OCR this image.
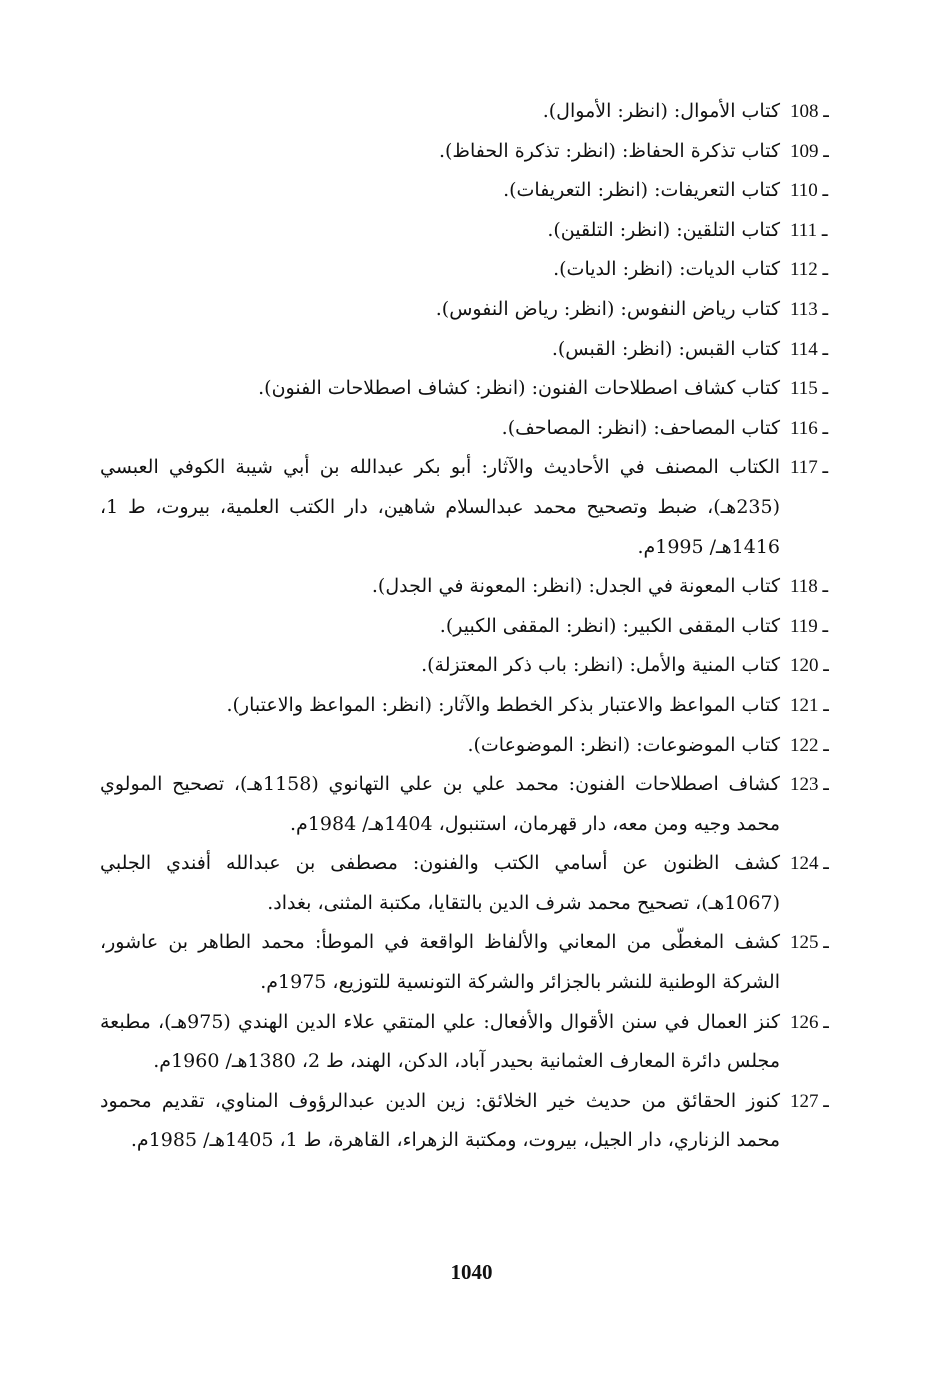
108 ـ
كتاب الأموال: (انظر: الأموال).
109 ـ
كتاب تذكرة الحفاظ: (انظر: تذكرة الحفاظ).
110 ـ
كتاب التعريفات: (انظر: التعريفات).
111 ـ
كتاب التلقين: (انظر: التلقين).
112 ـ
كتاب الديات: (انظر: الديات).
113 ـ
كتاب رياض النفوس: (انظر: رياض النفوس).
114 ـ
كتاب القبس: (انظر: القبس).
115 ـ
كتاب كشاف اصطلاحات الفنون: (انظر: كشاف اصطلاحات الفنون).
116 ـ
كتاب المصاحف: (انظر: المصاحف).
117 ـ
الكتاب المصنف في الأحاديث والآثار: أبو بكر عبدالله بن أبي شيبة الكوفي العبسي (235هـ)، ضبط وتصحيح محمد عبدالسلام شاهين، دار الكتب العلمية، بيروت، ط 1، 1416هـ/ 1995م.
118 ـ
كتاب المعونة في الجدل: (انظر: المعونة في الجدل).
119 ـ
كتاب المقفى الكبير: (انظر: المقفى الكبير).
120 ـ
كتاب المنية والأمل: (انظر: باب ذكر المعتزلة).
121 ـ
كتاب المواعظ والاعتبار بذكر الخطط والآثار: (انظر: المواعظ والاعتبار).
122 ـ
كتاب الموضوعات: (انظر: الموضوعات).
123 ـ
كشاف اصطلاحات الفنون: محمد علي بن علي التهانوي (1158هـ)، تصحيح المولوي محمد وجيه ومن معه، دار قهرمان، استنبول، 1404هـ/ 1984م.
124 ـ
كشف الظنون عن أسامي الكتب والفنون: مصطفى بن عبدالله أفندي الجلبي (1067هـ)، تصحيح محمد شرف الدين بالتقايا، مكتبة المثنى، بغداد.
125 ـ
كشف المغطّى من المعاني والألفاظ الواقعة في الموطأ: محمد الطاهر بن عاشور، الشركة الوطنية للنشر بالجزائر والشركة التونسية للتوزيع، 1975م.
126 ـ
كنز العمال في سنن الأقوال والأفعال: علي المتقي علاء الدين الهندي (975هـ)، مطبعة مجلس دائرة المعارف العثمانية بحيدر آباد، الدكن، الهند، ط 2، 1380هـ/ 1960م.
127 ـ
كنوز الحقائق من حديث خير الخلائق: زين الدين عبدالرؤوف المناوي، تقديم محمود محمد الزناري، دار الجيل، بيروت، ومكتبة الزهراء، القاهرة، ط 1، 1405هـ/ 1985م.
1040
